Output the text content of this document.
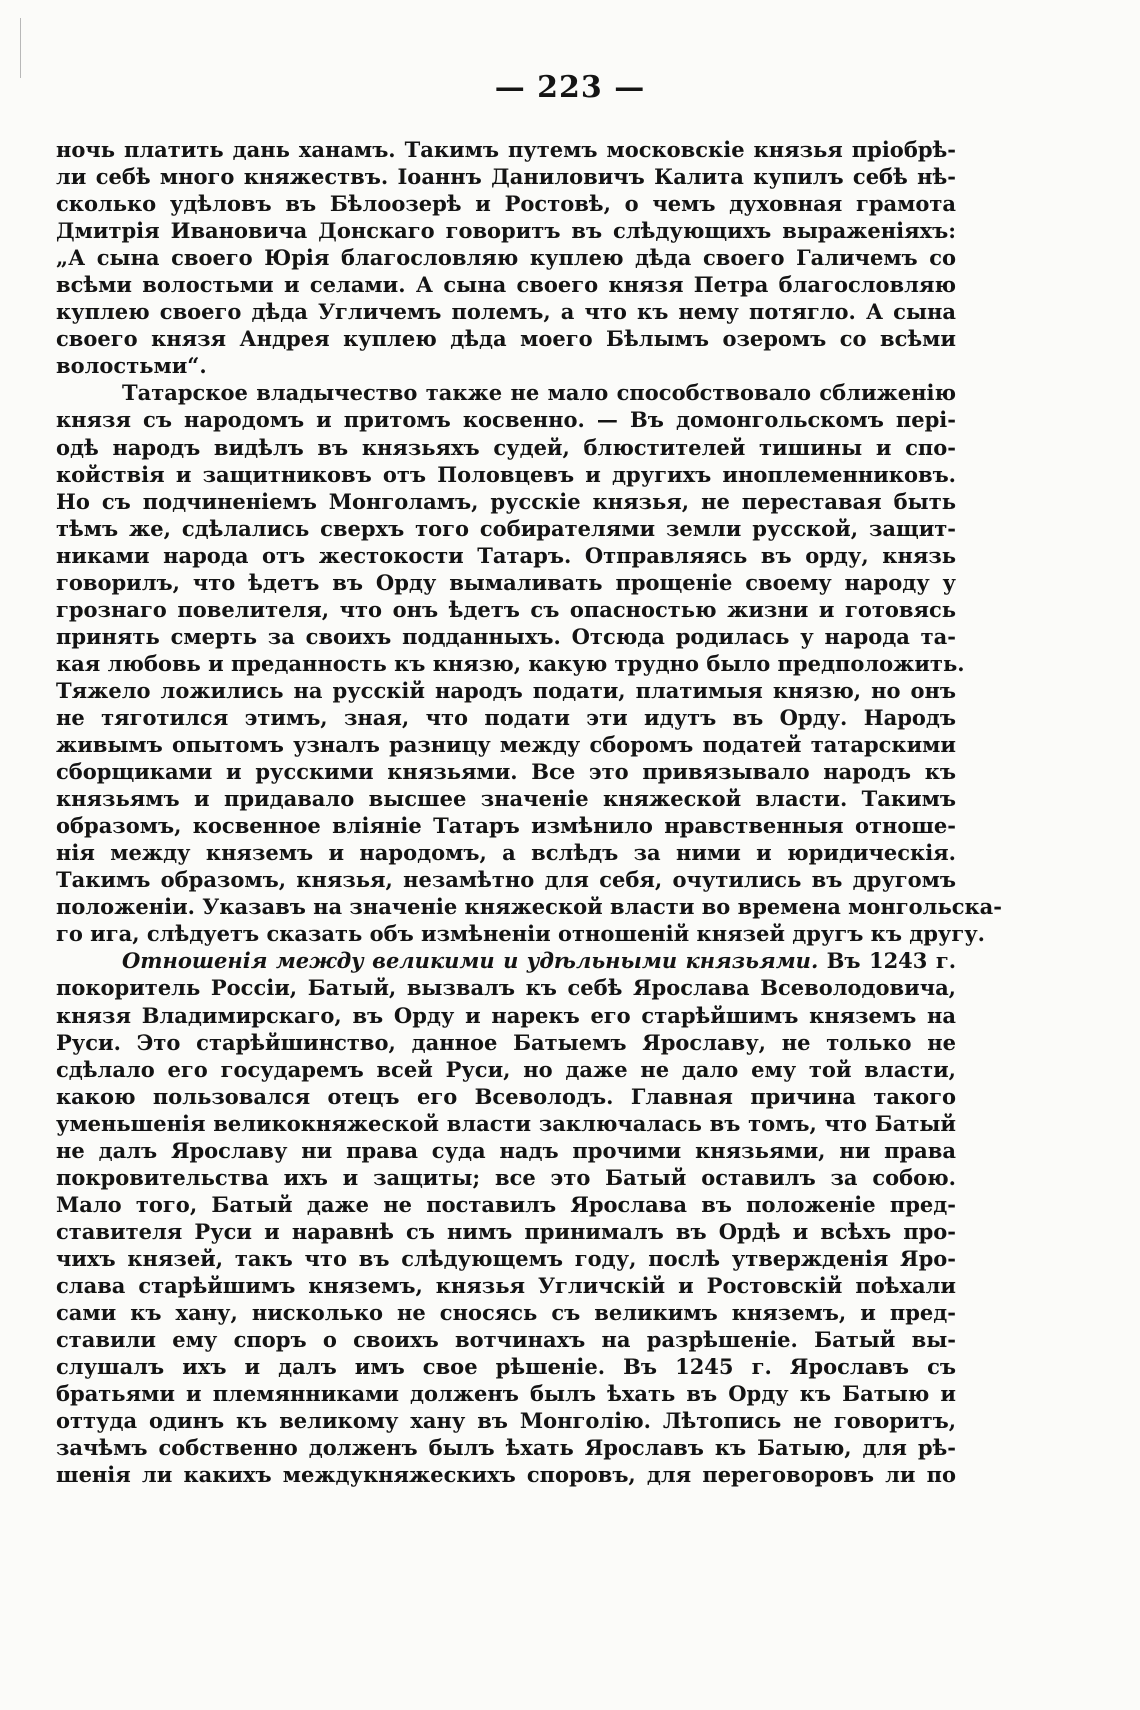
— 223 —
ночь платить дань ханамъ. Такимъ путемъ московскіе князья пріобрѣ-
ли себѣ много княжествъ. Іоаннъ Даниловичъ Калита купилъ себѣ нѣ-
сколько удѣловъ въ Бѣлоозерѣ и Ростовѣ, о чемъ духовная грамота
Дмитрія Ивановича Донскаго говоритъ въ слѣдующихъ выраженіяхъ:
„А сына своего Юрія благословляю куплею дѣда своего Галичемъ со
всѣми волостьми и селами. А сына своего князя Петра благословляю
куплею своего дѣда Угличемъ полемъ, а что къ нему потягло. А сына
своего князя Андрея куплею дѣда моего Бѣлымъ озеромъ со всѣми
волостьми“.
Татарское владычество также не мало способствовало сближенію
князя съ народомъ и притомъ косвенно. — Въ домонгольскомъ перi-
одѣ народъ видѣлъ въ князьяхъ судей, блюстителей тишины и спо-
койствія и защитниковъ отъ Половцевъ и другихъ иноплеменниковъ.
Но съ подчиненіемъ Монголамъ, русскіе князья, не переставая быть
тѣмъ же, сдѣлались сверхъ того собирателями земли русской, защит-
никами народа отъ жестокости Татаръ. Отправляясь въ орду, князь
говорилъ, что ѣдетъ въ Орду вымаливать прощеніе своему народу у
грознаго повелителя, что онъ ѣдетъ съ опасностью жизни и готовясь
принять смерть за своихъ подданныхъ. Отсюда родилась у народа та-
кая любовь и преданность къ князю, какую трудно было предположить.
Тяжело ложились на русскій народъ подати, платимыя князю, но онъ
не тяготился этимъ, зная, что подати эти идутъ въ Орду. Народъ
живымъ опытомъ узналъ разницу между сборомъ податей татарскими
сборщиками и русскими князьями. Все это привязывало народъ къ
князьямъ и придавало высшее значеніе княжеской власти. Такимъ
образомъ, косвенное вліяніе Татаръ измѣнило нравственныя отноше-
нія между княземъ и народомъ, а вслѣдъ за ними и юридическія.
Такимъ образомъ, князья, незамѣтно для себя, очутились въ другомъ
положеніи. Указавъ на значеніе княжеской власти во времена монгольска-
го ига, слѣдуетъ сказать объ измѣненіи отношеній князей другъ къ другу.
Отношенія между великими и удѣльными князьями. Въ 1243 г.
покоритель Россіи, Батый, вызвалъ къ себѣ Ярослава Всеволодовича,
князя Владимирскаго, въ Орду и нарекъ его старѣйшимъ княземъ на
Руси. Это старѣйшинство, данное Батыемъ Ярославу, не только не
сдѣлало его государемъ всей Руси, но даже не дало ему той власти,
какою пользовался отецъ его Всеволодъ. Главная причина такого
уменьшенія великокняжеской власти заключалась въ томъ, что Батый
не далъ Ярославу ни права суда надъ прочими князьями, ни права
покровительства ихъ и защиты; все это Батый оставилъ за собою.
Мало того, Батый даже не поставилъ Ярослава въ положеніе пред-
ставителя Руси и наравнѣ съ нимъ принималъ въ Ордѣ и всѣхъ про-
чихъ князей, такъ что въ слѣдующемъ году, послѣ утвержденія Яро-
слава старѣйшимъ княземъ, князья Угличскій и Ростовскій поѣхали
сами къ хану, нисколько не сносясь съ великимъ княземъ, и пред-
ставили ему споръ о своихъ вотчинахъ на разрѣшеніе. Батый вы-
слушалъ ихъ и далъ имъ свое рѣшеніе. Въ 1245 г. Ярославъ съ
братьями и племянниками долженъ былъ ѣхать въ Орду къ Батыю и
оттуда одинъ къ великому хану въ Монголію. Лѣтопись не говоритъ,
зачѣмъ собственно долженъ былъ ѣхать Ярославъ къ Батыю, для рѣ-
шенія ли какихъ междукняжескихъ споровъ, для переговоровъ ли по
